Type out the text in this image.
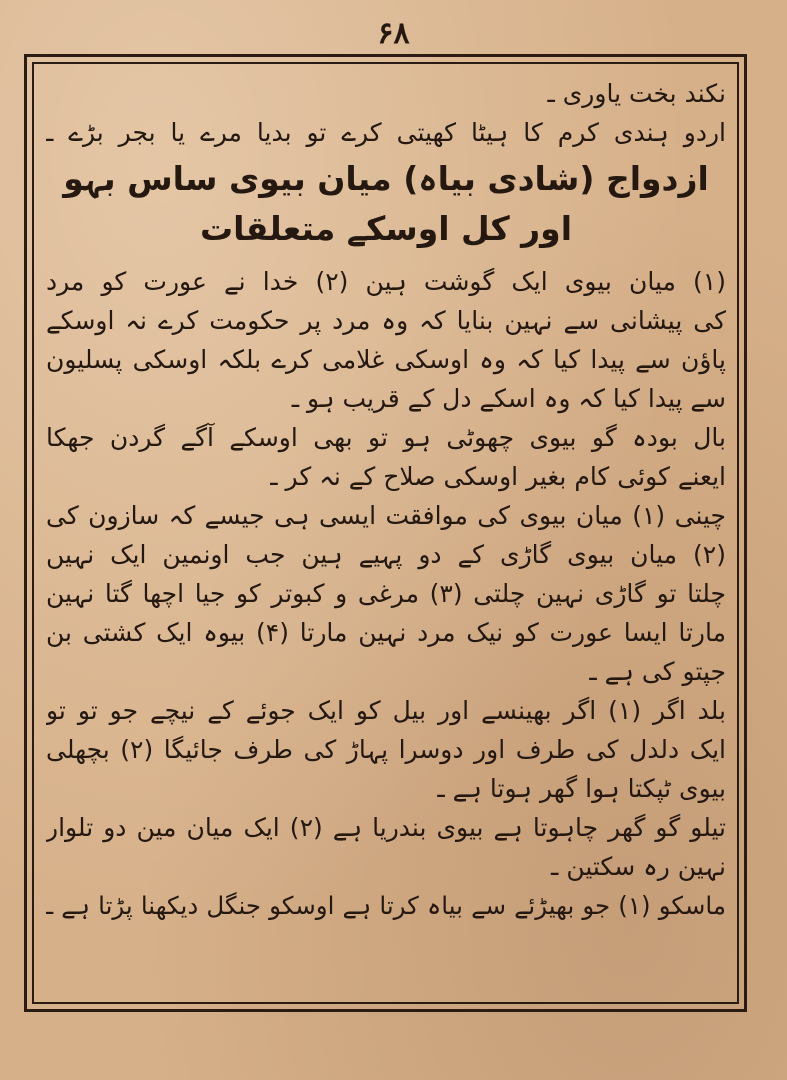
۶۸
نکند بخت یاوری ـ
اردو ہندی کرم کا ہیٹا کھیتی کرے تو بدیا مرے یا بجر بڑے ـ
ازدواج (شادی بیاہ) میان بیوی ساس بہو
اور کل اوسکے متعلقات
(۱) میان بیوی ایک گوشت ہین (۲) خدا نے عورت کو مرد
کی پیشانی سے نہین بنایا کہ وہ مرد پر حکومت کرے نہ اوسکے
پاؤن سے پیدا کیا کہ وہ اوسکی غلامی کرے بلکہ اوسکی پسلیون
سے پیدا کیا کہ وہ اسکے دل کے قریب ہو ـ
بال بودہ گو بیوی چھوٹی ہو تو بھی اوسکے آگے گردن جھکا
ایعنے کوئی کام بغیر اوسکی صلاح کے نہ کر ـ
چینی (۱) میان بیوی کی موافقت ایسی ہی جیسے کہ سازون کی
(۲) میان بیوی گاڑی کے دو پہیے ہین جب اونمین ایک نہیں
چلتا تو گاڑی نہین چلتی (۳) مرغی و کبوتر کو جیا اچھا گتا نہین
مارتا ایسا عورت کو نیک مرد نہین مارتا (۴) بیوہ ایک کشتی بن
جپتو کی ہے ـ
بلد اگر (۱) اگر بھینسے اور بیل کو ایک جوئے کے نیچے جو تو تو
ایک دلدل کی طرف اور دوسرا پہاڑ کی طرف جائیگا (۲) بچھلی
بیوی ٹپکتا ہوا گھر ہوتا ہے ـ
تیلو گو گھر چاہوتا ہے بیوی بندریا ہے (۲) ایک میان مین دو تلوار
نہین رہ سکتین ـ
ماسکو (۱) جو بھیڑئے سے بیاہ کرتا ہے اوسکو جنگل دیکھنا پڑتا ہے ـ
